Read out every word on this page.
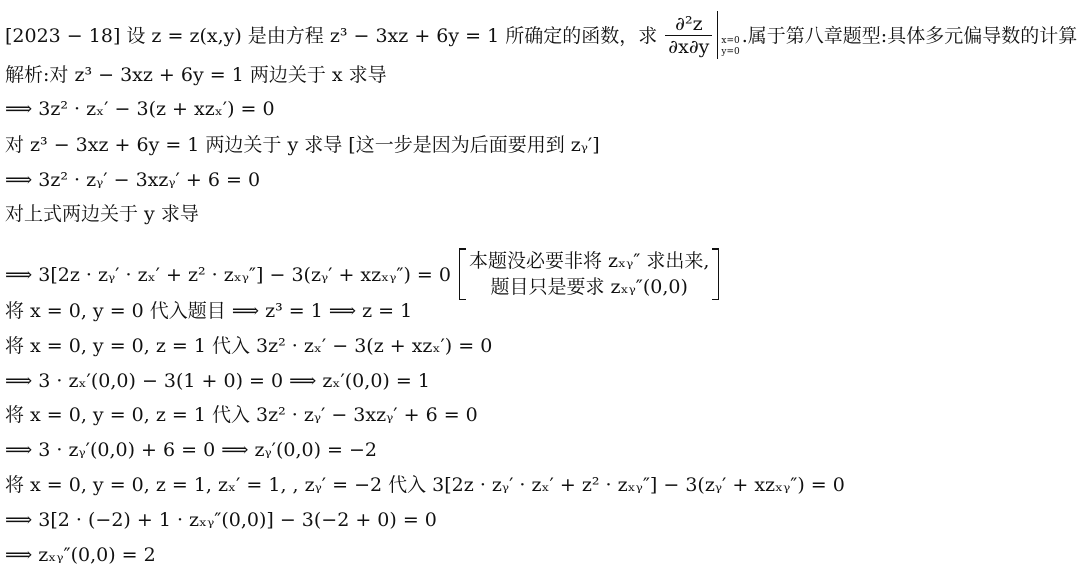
[2023 − 18] 设 z = z(x,y) 是由方程 z³ − 3xz + 6y = 1 所确定的函数，求 $\frac{\text{∂²z}}{\partial x\partial y} x=0$
y=0
.属于第八章题型:具体多元偏导数的计算
解析:对 z³ − 3xz + 6y = 1 两边关于 x 求导
⟹ 3z² · zₓ′ − 3(z + xzₓ′) = 0
对 z³ − 3xz + 6y = 1 两边关于 y 求导 [这一步是因为后面要用到 zᵧ′]
⟹ 3z² · zᵧ′ − 3xzᵧ′ + 6 = 0
对上式两边关于 y 求导
⟹ 3[2z · zᵧ′ · zₓ′ + z² · zₓᵧ″] − 3(zᵧ′ + xzₓᵧ″) = 0
本题没必要非将 zₓᵧ″ 求出来,
题目只是要求 zₓᵧ″(0,0)
将 x = 0, y = 0 代入题目 ⟹ z³ = 1 ⟹ z = 1
将 x = 0, y = 0, z = 1 代入 3z² · zₓ′ − 3(z + xzₓ′) = 0
⟹ 3 · zₓ′(0,0) − 3(1 + 0) = 0 ⟹ zₓ′(0,0) = 1
将 x = 0, y = 0, z = 1 代入 3z² · zᵧ′ − 3xzᵧ′ + 6 = 0
⟹ 3 · zᵧ′(0,0) + 6 = 0 ⟹ zᵧ′(0,0) = −2
将 x = 0, y = 0, z = 1, zₓ′ = 1, , zᵧ′ = −2 代入 3[2z · zᵧ′ · zₓ′ + z² · zₓᵧ″] − 3(zᵧ′ + xzₓᵧ″) = 0
⟹ 3[2 · (−2) + 1 · zₓᵧ″(0,0)] − 3(−2 + 0) = 0
⟹ zₓᵧ″(0,0) = 2
